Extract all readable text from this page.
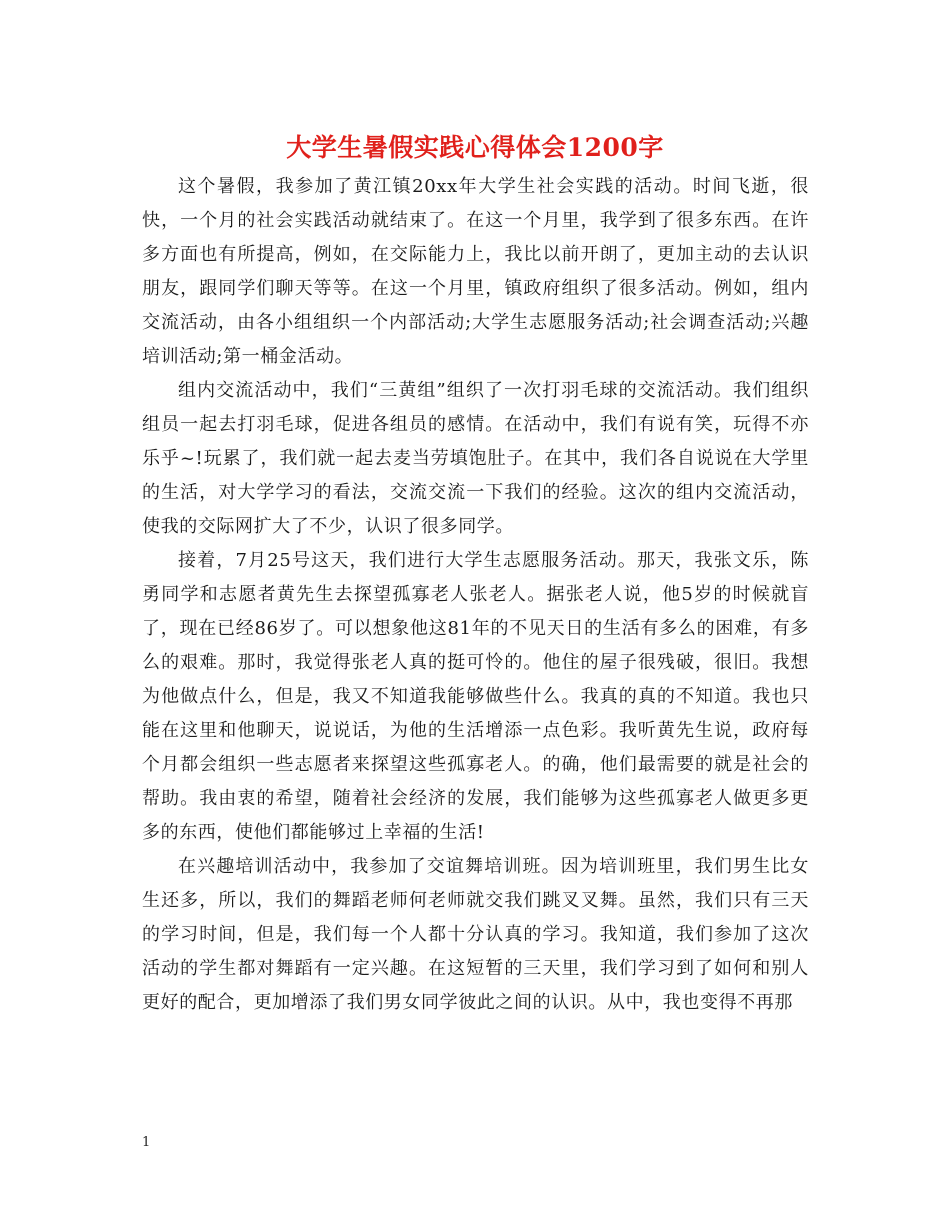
大学生暑假实践心得体会1200字

这个暑假，我参加了黄江镇20xx年大学生社会实践的活动。时间飞逝，很快，一个月的社会实践活动就结束了。在这一个月里，我学到了很多东西。在许多方面也有所提高，例如，在交际能力上，我比以前开朗了，更加主动的去认识朋友，跟同学们聊天等等。在这一个月里，镇政府组织了很多活动。例如，组内交流活动，由各小组组织一个内部活动;大学生志愿服务活动;社会调查活动;兴趣培训活动;第一桶金活动。

组内交流活动中，我们“三黄组”组织了一次打羽毛球的交流活动。我们组织组员一起去打羽毛球，促进各组员的感情。在活动中，我们有说有笑，玩得不亦乐乎~!玩累了，我们就一起去麦当劳填饱肚子。在其中，我们各自说说在大学里的生活，对大学学习的看法，交流交流一下我们的经验。这次的组内交流活动，使我的交际网扩大了不少，认识了很多同学。

接着，7月25号这天，我们进行大学生志愿服务活动。那天，我张文乐，陈勇同学和志愿者黄先生去探望孤寡老人张老人。据张老人说，他5岁的时候就盲了，现在已经86岁了。可以想象他这81年的不见天日的生活有多么的困难，有多么的艰难。那时，我觉得张老人真的挺可怜的。他住的屋子很残破，很旧。我想为他做点什么，但是，我又不知道我能够做些什么。我真的真的不知道。我也只能在这里和他聊天，说说话，为他的生活增添一点色彩。我听黄先生说，政府每个月都会组织一些志愿者来探望这些孤寡老人。的确，他们最需要的就是社会的帮助。我由衷的希望，随着社会经济的发展，我们能够为这些孤寡老人做更多更多的东西，使他们都能够过上幸福的生活!

在兴趣培训活动中，我参加了交谊舞培训班。因为培训班里，我们男生比女生还多，所以，我们的舞蹈老师何老师就交我们跳叉叉舞。虽然，我们只有三天的学习时间，但是，我们每一个人都十分认真的学习。我知道，我们参加了这次活动的学生都对舞蹈有一定兴趣。在这短暂的三天里，我们学习到了如何和别人更好的配合，更加增添了我们男女同学彼此之间的认识。从中，我也变得不再那

1
